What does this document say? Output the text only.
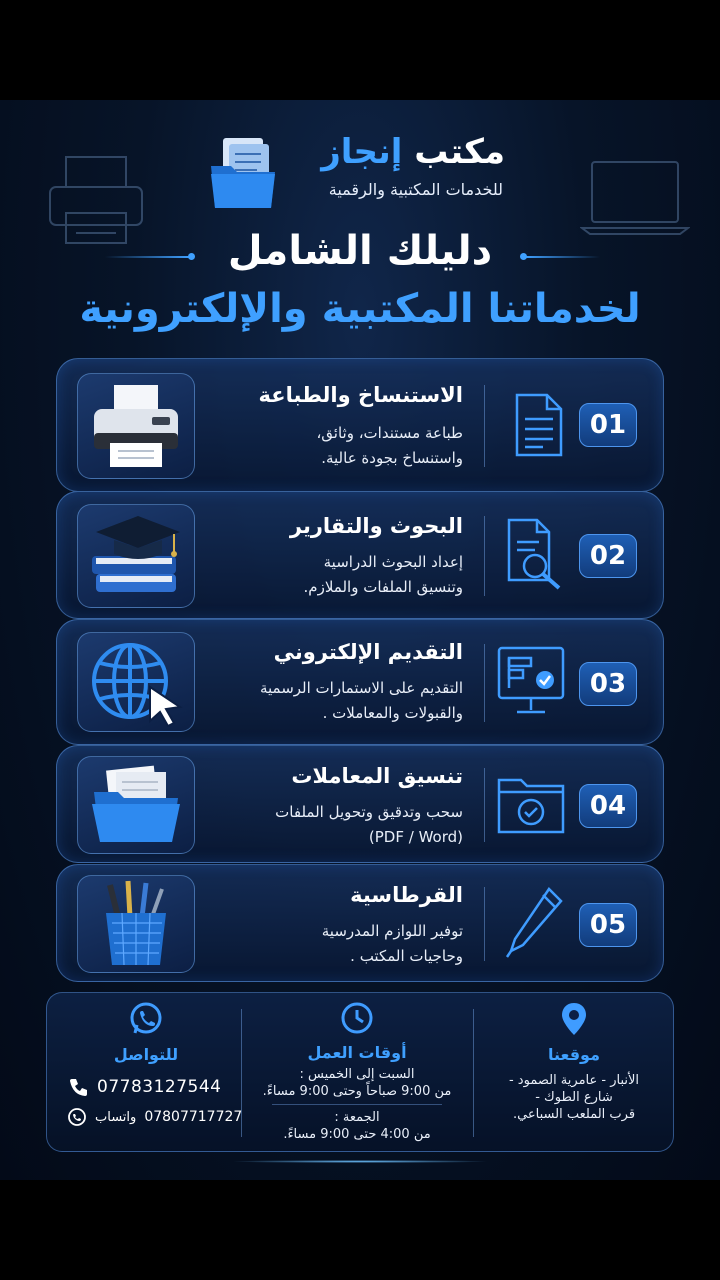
مكتب إنجاز
للخدمات المكتبية والرقمية
دليلك الشامل
لخدماتنا المكتبية والإلكترونية
الاستنساخ والطباعة
طباعة مستندات، وثائق،
واستنساخ بجودة عالية.
01
البحوث والتقارير
إعداد البحوث الدراسية
وتنسيق الملفات والملازم.
02
التقديم الإلكتروني
التقديم على الاستمارات الرسمية
والقبولات والمعاملات .
03
تنسيق المعاملات
سحب وتدقيق وتحويل الملفات
(PDF / Word)
04
القرطاسية
توفير اللوازم المدرسية
وحاجيات المكتب .
05
موقعنا
الأنبار - عامرية الصمود -
شارع الطوك -
قرب الملعب السباعي.
أوقات العمل
السبت إلى الخميس :
من 9:00 صباحاً وحتى 9:00 مساءً.
الجمعة :
من 4:00 حتى 9:00 مساءً.
للتواصل
07783127544
واتساب 07807717727
